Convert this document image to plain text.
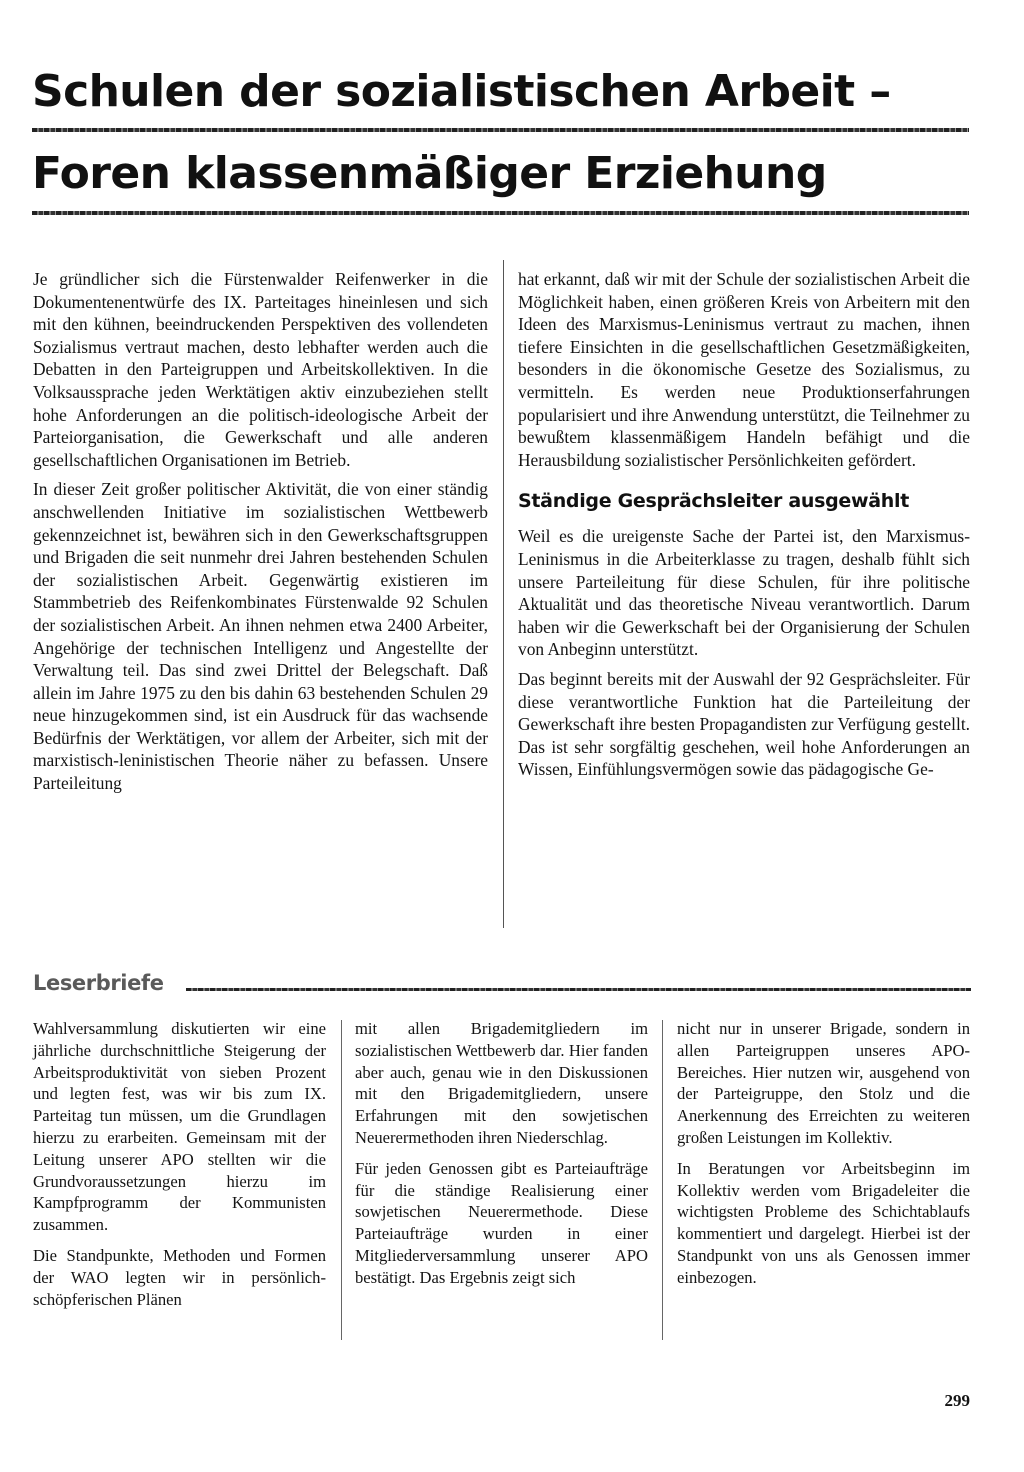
Schulen der sozialistischen Arbeit –
Foren klassenmäßiger Erziehung

Je gründlicher sich die Fürstenwalder Reifenwerker in die Dokumentenentwürfe des IX. Parteitages hineinlesen und sich mit den kühnen, beeindruckenden Perspektiven des vollendeten Sozialismus vertraut machen, desto lebhafter werden auch die Debatten in den Parteigruppen und Arbeitskollektiven. In die Volksaussprache jeden Werktätigen aktiv einzubeziehen stellt hohe Anforderungen an die politisch-ideologische Arbeit der Parteiorganisation, die Gewerkschaft und alle anderen gesellschaftlichen Organisationen im Betrieb.

In dieser Zeit großer politischer Aktivität, die von einer ständig anschwellenden Initiative im sozialistischen Wettbewerb gekennzeichnet ist, bewähren sich in den Gewerkschaftsgruppen und Brigaden die seit nunmehr drei Jahren bestehenden Schulen der sozialistischen Arbeit. Gegenwärtig existieren im Stammbetrieb des Reifenkombinates Fürstenwalde 92 Schulen der sozialistischen Arbeit. An ihnen nehmen etwa 2400 Arbeiter, Angehörige der technischen Intelligenz und Angestellte der Verwaltung teil. Das sind zwei Drittel der Belegschaft. Daß allein im Jahre 1975 zu den bis dahin 63 bestehenden Schulen 29 neue hinzugekommen sind, ist ein Ausdruck für das wachsende Bedürfnis der Werktätigen, vor allem der Arbeiter, sich mit der marxistisch-leninistischen Theorie näher zu befassen. Unsere Parteileitung

hat erkannt, daß wir mit der Schule der sozialistischen Arbeit die Möglichkeit haben, einen größeren Kreis von Arbeitern mit den Ideen des Marxismus-Leninismus vertraut zu machen, ihnen tiefere Einsichten in die gesellschaftlichen Gesetzmäßigkeiten, besonders in die ökonomische Gesetze des Sozialismus, zu vermitteln. Es werden neue Produktionserfahrungen popularisiert und ihre Anwendung unterstützt, die Teilnehmer zu bewußtem klassenmäßigem Handeln befähigt und die Herausbildung sozialistischer Persönlichkeiten gefördert.

Ständige Gesprächsleiter ausgewählt

Weil es die ureigenste Sache der Partei ist, den Marxismus-Leninismus in die Arbeiterklasse zu tragen, deshalb fühlt sich unsere Parteileitung für diese Schulen, für ihre politische Aktualität und das theoretische Niveau verantwortlich. Darum haben wir die Gewerkschaft bei der Organisierung der Schulen von Anbeginn unterstützt.

Das beginnt bereits mit der Auswahl der 92 Gesprächsleiter. Für diese verantwortliche Funktion hat die Parteileitung der Gewerkschaft ihre besten Propagandisten zur Verfügung gestellt. Das ist sehr sorgfältig geschehen, weil hohe Anforderungen an Wissen, Einfühlungsvermögen sowie das pädagogische Ge-

Leserbriefe

Wahlversammlung diskutierten wir eine jährliche durchschnittliche Steigerung der Arbeitsproduktivität von sieben Prozent und legten fest, was wir bis zum IX. Parteitag tun müssen, um die Grundlagen hierzu zu erarbeiten. Gemeinsam mit der Leitung unserer APO stellten wir die Grundvoraussetzungen hierzu im Kampfprogramm der Kommunisten zusammen.

Die Standpunkte, Methoden und Formen der WAO legten wir in persönlich-schöpferischen Plänen

mit allen Brigademitgliedern im sozialistischen Wettbewerb dar. Hier fanden aber auch, genau wie in den Diskussionen mit den Brigademitgliedern, unsere Erfahrungen mit den sowjetischen Neuerermethoden ihren Niederschlag.

Für jeden Genossen gibt es Parteiaufträge für die ständige Realisierung einer sowjetischen Neuerermethode. Diese Parteiaufträge wurden in einer Mitgliederversammlung unserer APO bestätigt. Das Ergebnis zeigt sich

nicht nur in unserer Brigade, sondern in allen Parteigruppen unseres APO-Bereiches. Hier nutzen wir, ausgehend von der Parteigruppe, den Stolz und die Anerkennung des Erreichten zu weiteren großen Leistungen im Kollektiv.

In Beratungen vor Arbeitsbeginn im Kollektiv werden vom Brigadeleiter die wichtigsten Probleme des Schichtablaufs kommentiert und dargelegt. Hierbei ist der Standpunkt von uns als Genossen immer einbezogen.

299
